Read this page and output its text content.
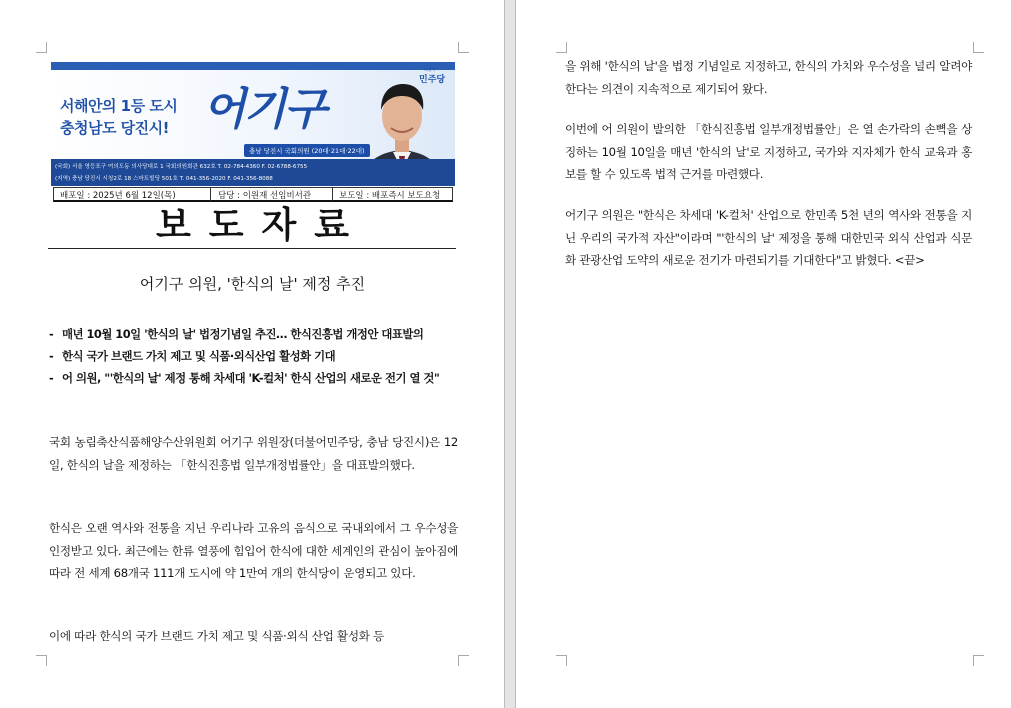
서해안의 1등 도시
충청남도 당진시! 어기구
충남 당진시 국회의원 (20대·21대·22대)
더불어
민주당
(국회) 서울 영등포구 여의도동 의사당대로 1 국회의원회관 632호 T. 02-784-4360 F. 02-6788-6755
(지역) 충남 당진시 시청2로 18 스마트빌딩 501호 T. 041-356-2020 F. 041-356-8088
배포일 : 2025년 6월 12일(목)	담당 : 이원재 선임비서관	보도일 : 배포즉시 보도요청
보도자료
어기구 의원, '한식의 날' 제정 추진
- 매년 10월 10일 '한식의 날' 법정기념일 추진… 한식진흥법 개정안 대표발의
- 한식 국가 브랜드 가치 제고 및 식품·외식산업 활성화 기대
- 어 의원, "'한식의 날' 제정 통해 차세대 'K-컬처' 한식 산업의 새로운 전기 열 것"
국회 농림축산식품해양수산위원회 어기구 위원장(더불어민주당, 충남 당진시)은 12일, 한식의 날을 제정하는 「한식진흥법 일부개정법률안」을 대표발의했다.
한식은 오랜 역사와 전통을 지닌 우리나라 고유의 음식으로 국내외에서 그 우수성을 인정받고 있다. 최근에는 한류 열풍에 힘입어 한식에 대한 세계인의 관심이 높아짐에 따라 전 세계 68개국 111개 도시에 약 1만여 개의 한식당이 운영되고 있다.
이에 따라 한식의 국가 브랜드 가치 제고 및 식품·외식 산업 활성화 등
을 위해 '한식의 날'을 법정 기념일로 지정하고, 한식의 가치와 우수성을 널리 알려야 한다는 의견이 지속적으로 제기되어 왔다.
이번에 어 의원이 발의한 「한식진흥법 일부개정법률안」은 열 손가락의 손뼉을 상징하는 10월 10일을 매년 '한식의 날'로 지정하고, 국가와 지자체가 한식 교육과 홍보를 할 수 있도록 법적 근거를 마련했다.
어기구 의원은 "한식은 차세대 'K-컬처' 산업으로 한민족 5천 년의 역사와 전통을 지닌 우리의 국가적 자산"이라며 "'한식의 날' 제정을 통해 대한민국 외식 산업과 식문화 관광산업 도약의 새로운 전기가 마련되기를 기대한다"고 밝혔다. <끝>
